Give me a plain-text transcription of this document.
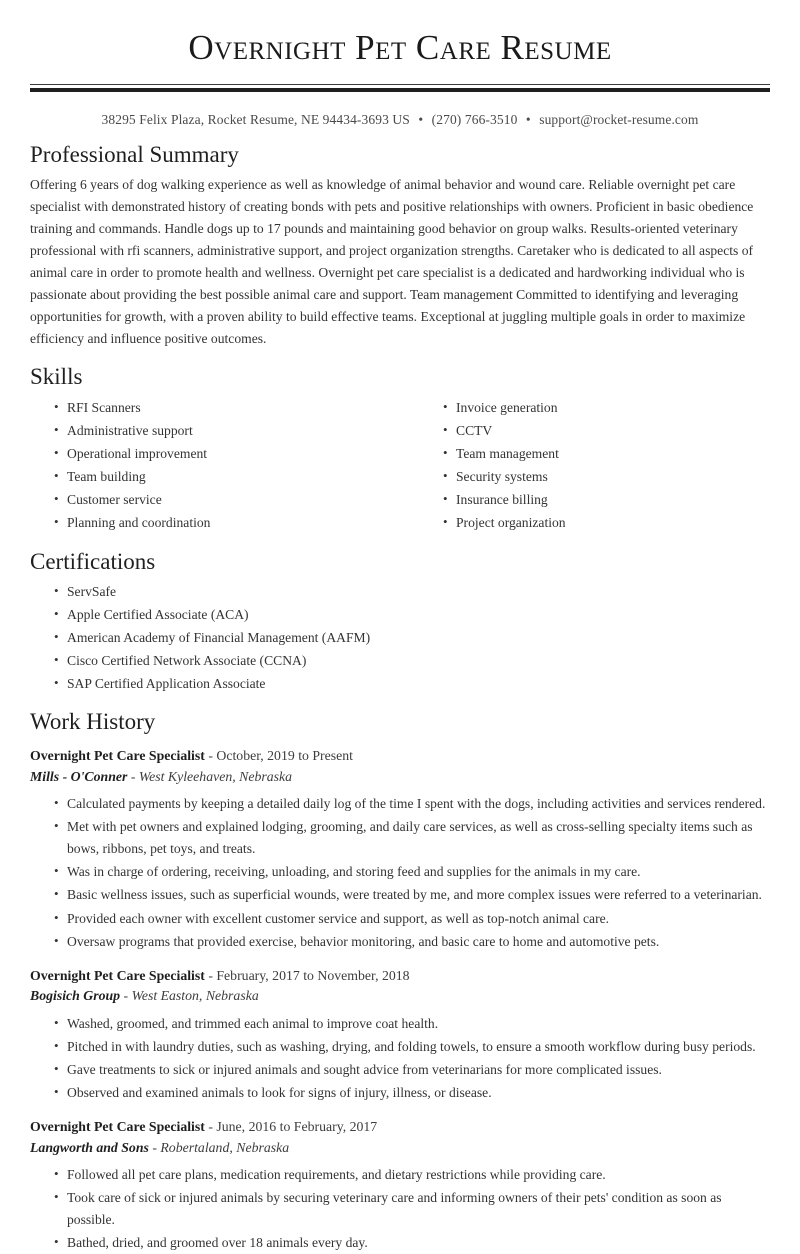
Overnight Pet Care Resume
38295 Felix Plaza, Rocket Resume, NE 94434-3693 US • (270) 766-3510 • support@rocket-resume.com
Professional Summary

Offering 6 years of dog walking experience as well as knowledge of animal behavior and wound care. Reliable overnight pet care specialist with demonstrated history of creating bonds with pets and positive relationships with owners. Proficient in basic obedience training and commands. Handle dogs up to 17 pounds and maintaining good behavior on group walks. Results-oriented veterinary professional with rfi scanners, administrative support, and project organization strengths. Caretaker who is dedicated to all aspects of animal care in order to promote health and wellness. Overnight pet care specialist is a dedicated and hardworking individual who is passionate about providing the best possible animal care and support. Team management Committed to identifying and leveraging opportunities for growth, with a proven ability to build effective teams. Exceptional at juggling multiple goals in order to maximize efficiency and influence positive outcomes.

Skills
• RFI Scanners
• Administrative support
• Operational improvement
• Team building
• Customer service
• Planning and coordination
• Invoice generation
• CCTV
• Team management
• Security systems
• Insurance billing
• Project organization
Certifications
• ServSafe
• Apple Certified Associate (ACA)
• American Academy of Financial Management (AAFM)
• Cisco Certified Network Associate (CCNA)
• SAP Certified Application Associate
Work History
Overnight Pet Care Specialist - October, 2019 to Present
Mills - O'Conner - West Kyleehaven, Nebraska
• Calculated payments by keeping a detailed daily log of the time I spent with the dogs, including activities and services rendered.
• Met with pet owners and explained lodging, grooming, and daily care services, as well as cross-selling specialty items such as bows, ribbons, pet toys, and treats.
• Was in charge of ordering, receiving, unloading, and storing feed and supplies for the animals in my care.
• Basic wellness issues, such as superficial wounds, were treated by me, and more complex issues were referred to a veterinarian.
• Provided each owner with excellent customer service and support, as well as top-notch animal care.
• Oversaw programs that provided exercise, behavior monitoring, and basic care to home and automotive pets.
Overnight Pet Care Specialist - February, 2017 to November, 2018
Bogisich Group - West Easton, Nebraska
• Washed, groomed, and trimmed each animal to improve coat health.
• Pitched in with laundry duties, such as washing, drying, and folding towels, to ensure a smooth workflow during busy periods.
• Gave treatments to sick or injured animals and sought advice from veterinarians for more complicated issues.
• Observed and examined animals to look for signs of injury, illness, or disease.
Overnight Pet Care Specialist - June, 2016 to February, 2017
Langworth and Sons - Robertaland, Nebraska
• Followed all pet care plans, medication requirements, and dietary restrictions while providing care.
• Took care of sick or injured animals by securing veterinary care and informing owners of their pets' condition as soon as possible.
• Bathed, dried, and groomed over 18 animals every day.
